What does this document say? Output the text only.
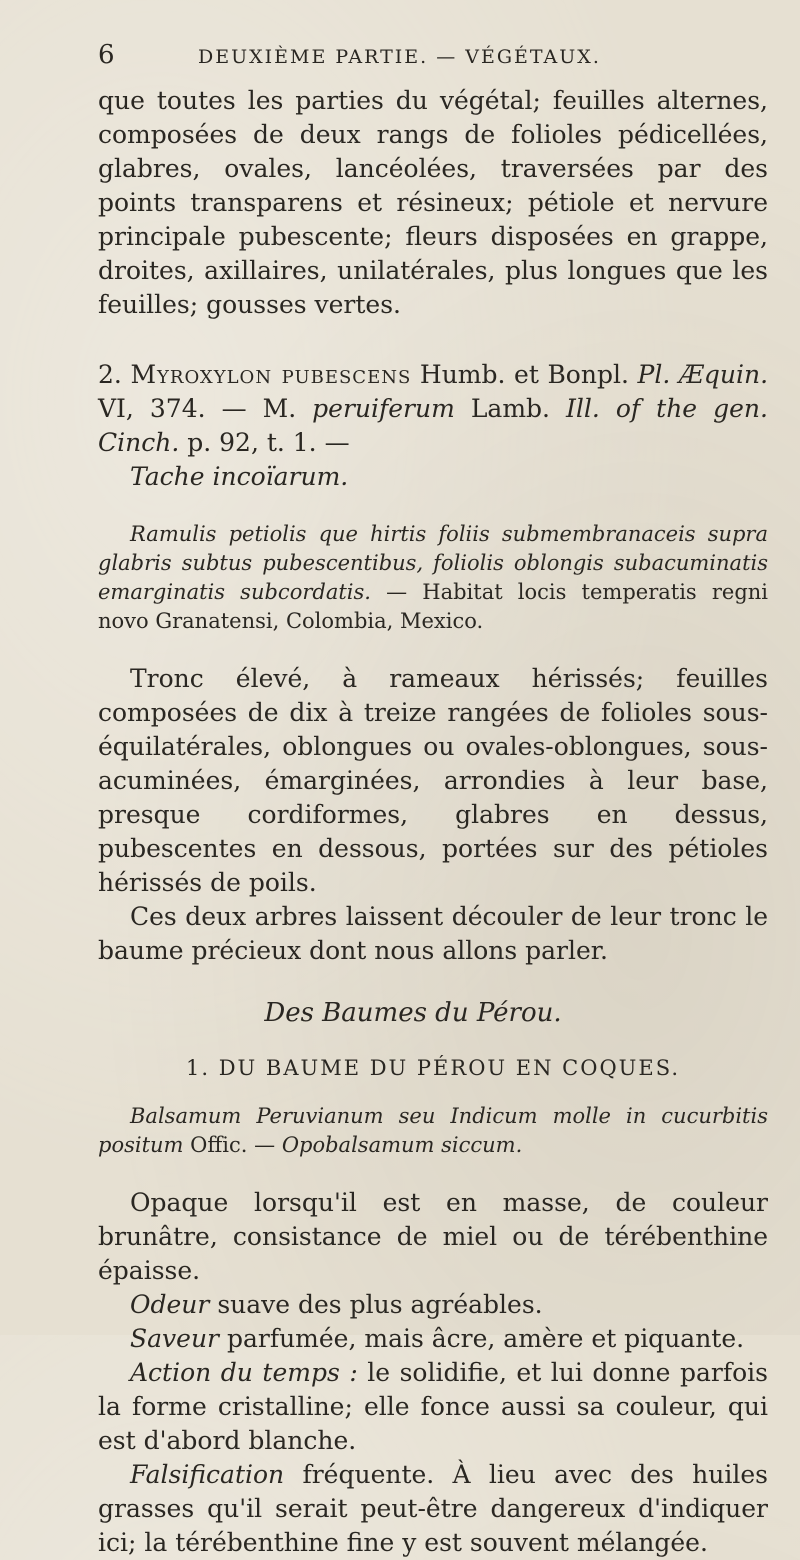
6	DEUXIÈME PARTIE. — VÉGÉTAUX.

que toutes les parties du végétal; feuilles alternes, composées de deux rangs de folioles pédicellées, glabres, ovales, lancéolées, traversées par des points transparens et résineux; pétiole et nervure principale pubescente; fleurs disposées en grappe, droites, axillaires, unilatérales, plus longues que les feuilles; gousses vertes.

2. Myroxylon pubescens Humb. et Bonpl. Pl. Æquin. VI, 374. — M. peruiferum Lamb. Ill. of the gen. Cinch. p. 92, t. 1. —
Tache incoïarum.

Ramulis petiolis que hirtis foliis submembranaceis supra glabris subtus pubescentibus, foliolis oblongis subacuminatis emarginatis subcordatis. — Habitat locis temperatis regni novo Granatensi, Colombia, Mexico.

Tronc élevé, à rameaux hérissés; feuilles composées de dix à treize rangées de folioles sous-équilatérales, oblongues ou ovales-oblongues, sous-acuminées, émarginées, arrondies à leur base, presque cordiformes, glabres en dessus, pubescentes en dessous, portées sur des pétioles hérissés de poils.

Ces deux arbres laissent découler de leur tronc le baume précieux dont nous allons parler.

Des Baumes du Pérou.
1. DU BAUME DU PÉROU EN COQUES.

Balsamum Peruvianum seu Indicum molle in cucurbitis positum Offic. — Opobalsamum siccum.

Opaque lorsqu'il est en masse, de couleur brunâtre, consistance de miel ou de térébenthine épaisse.

Odeur suave des plus agréables.

Saveur parfumée, mais âcre, amère et piquante.

Action du temps : le solidifie, et lui donne parfois la forme cristalline; elle fonce aussi sa couleur, qui est d'abord blanche.

Falsification fréquente. À lieu avec des huiles grasses qu'il serait peut-être dangereux d'indiquer ici; la térébenthine fine y est souvent mélangée.
